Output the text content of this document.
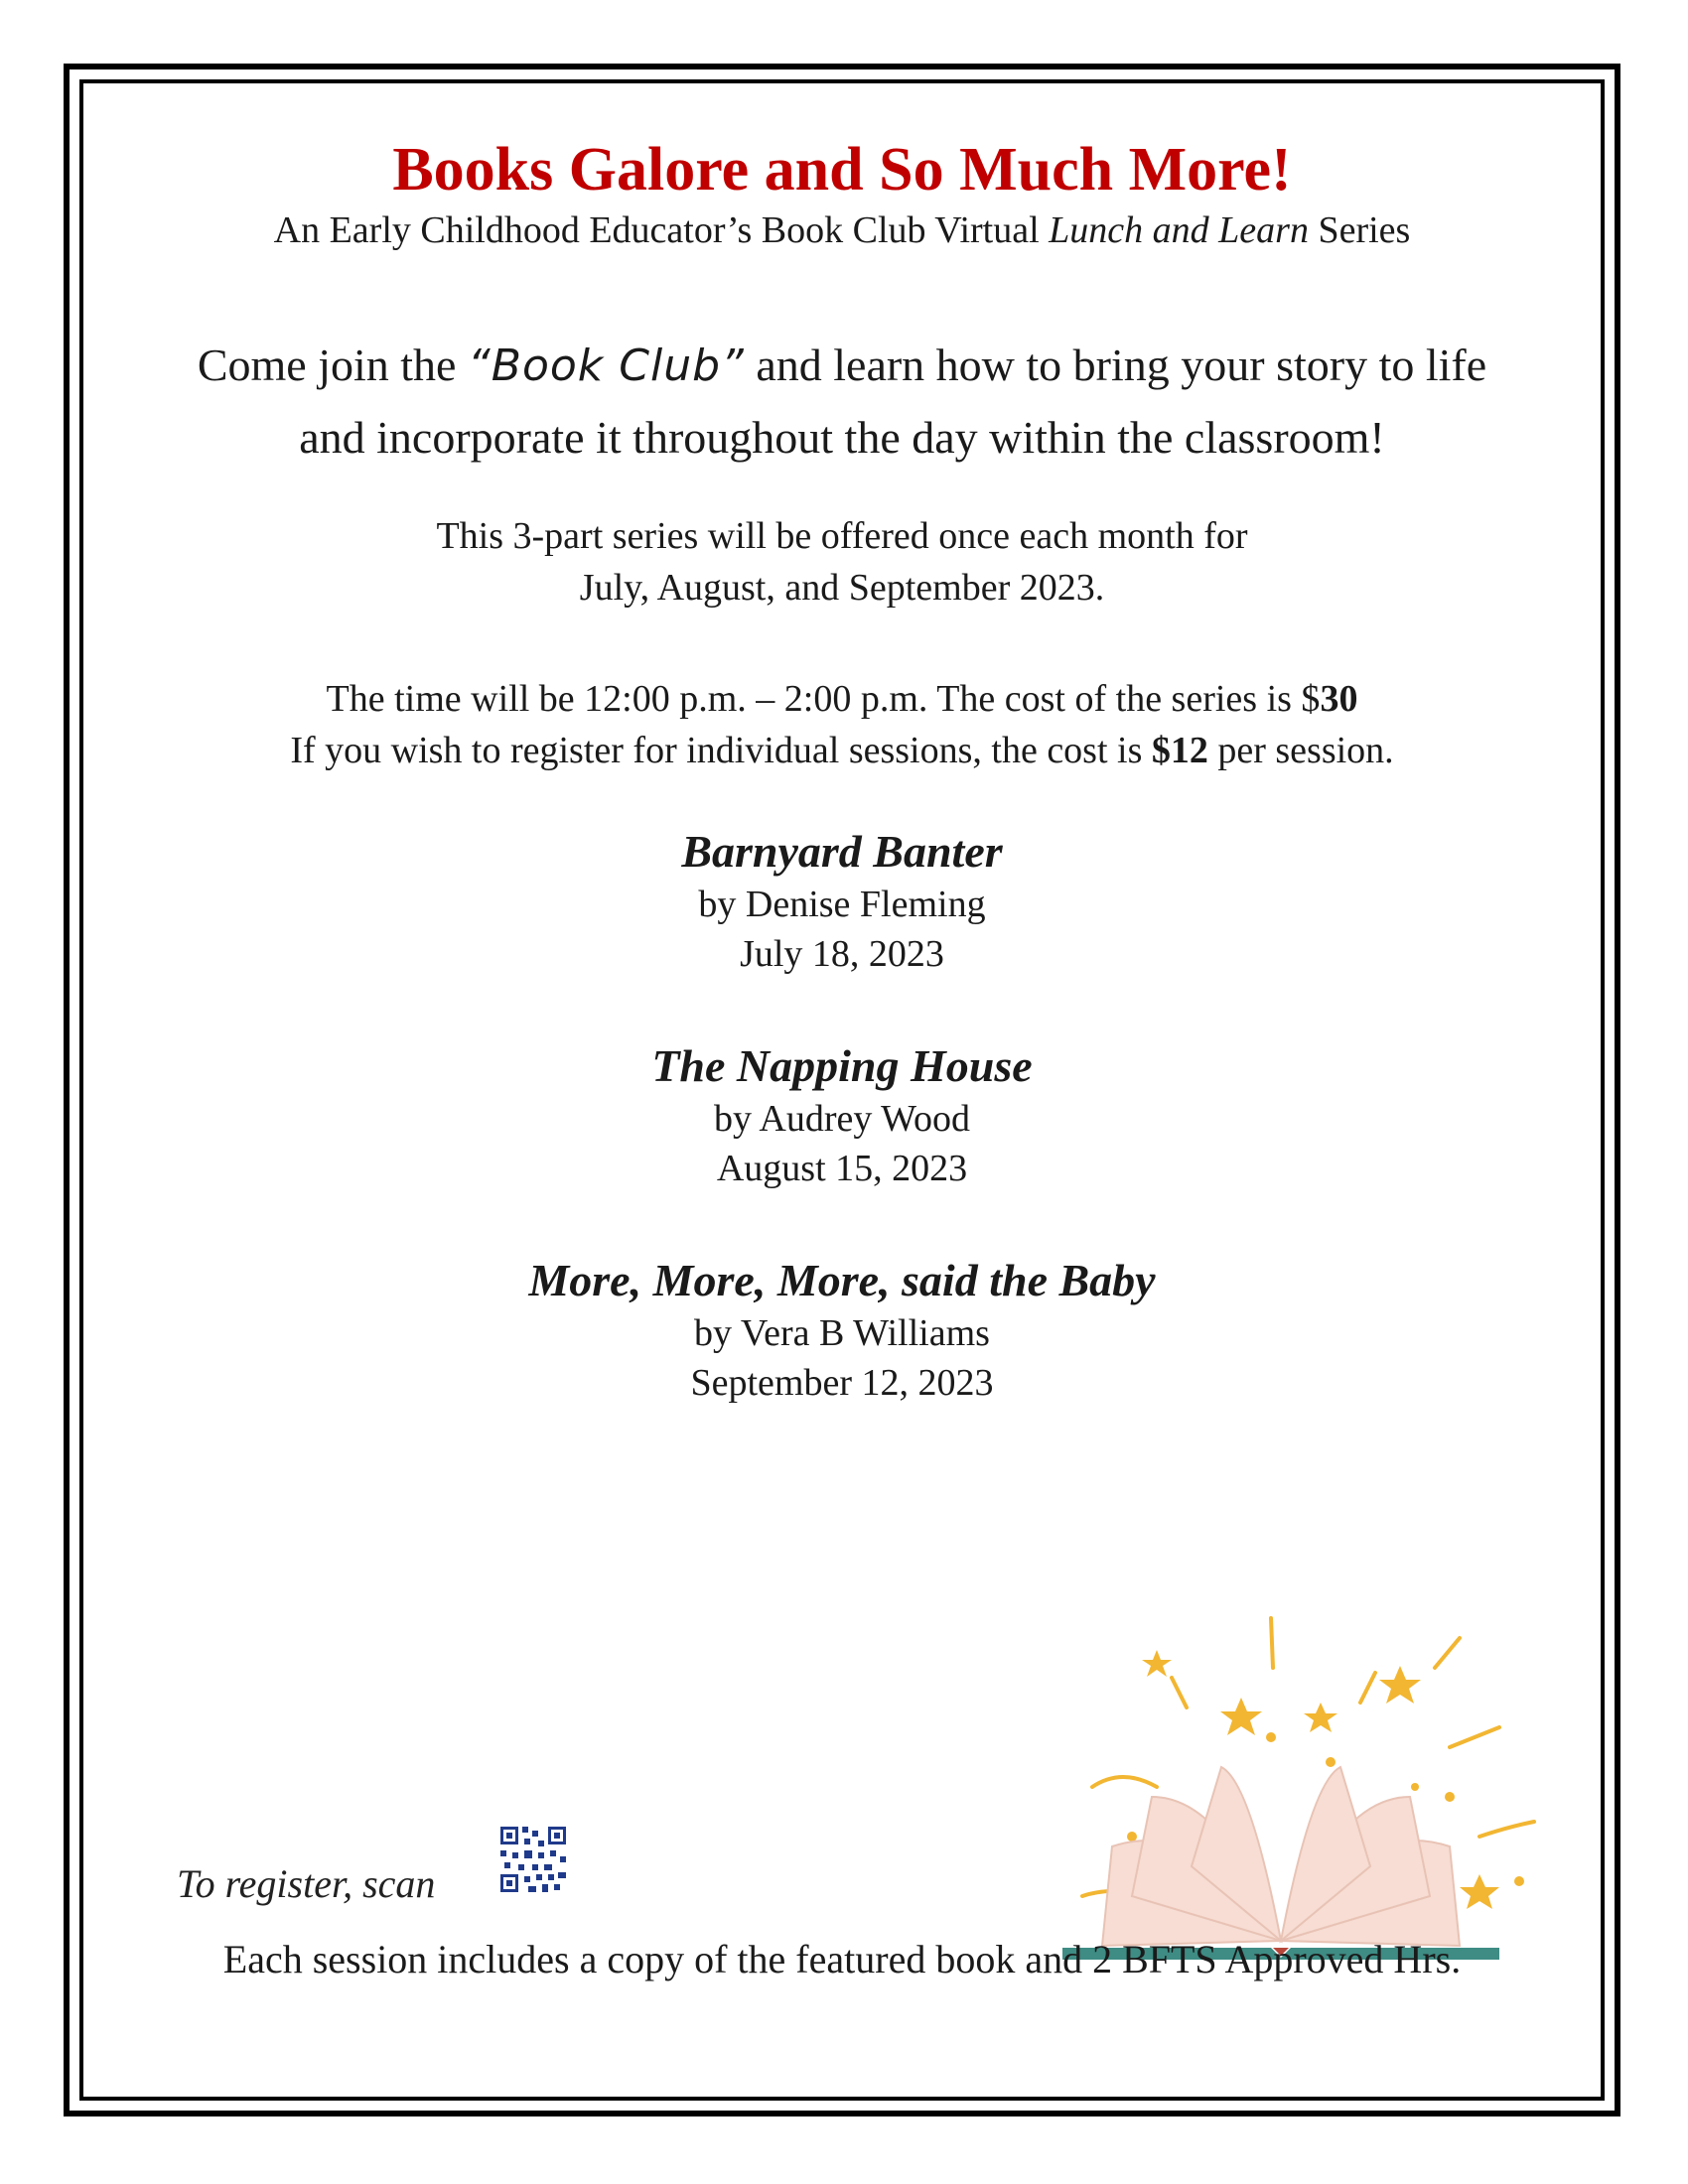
Books Galore and So Much More!
An Early Childhood Educator’s Book Club Virtual Lunch and Learn Series
Come join the “Book Club” and learn how to bring your story to life
and incorporate it throughout the day within the classroom!
This 3-part series will be offered once each month for
July, August, and September 2023.
The time will be 12:00 p.m. – 2:00 p.m. The cost of the series is $30
If you wish to register for individual sessions, the cost is $12 per session.
Barnyard Banter
by Denise Fleming
July 18, 2023
The Napping House
by Audrey Wood
August 15, 2023
More, More, More, said the Baby
by Vera B Williams
September 12, 2023
To register, scan
Each session includes a copy of the featured book and 2 BFTS Approved Hrs.
